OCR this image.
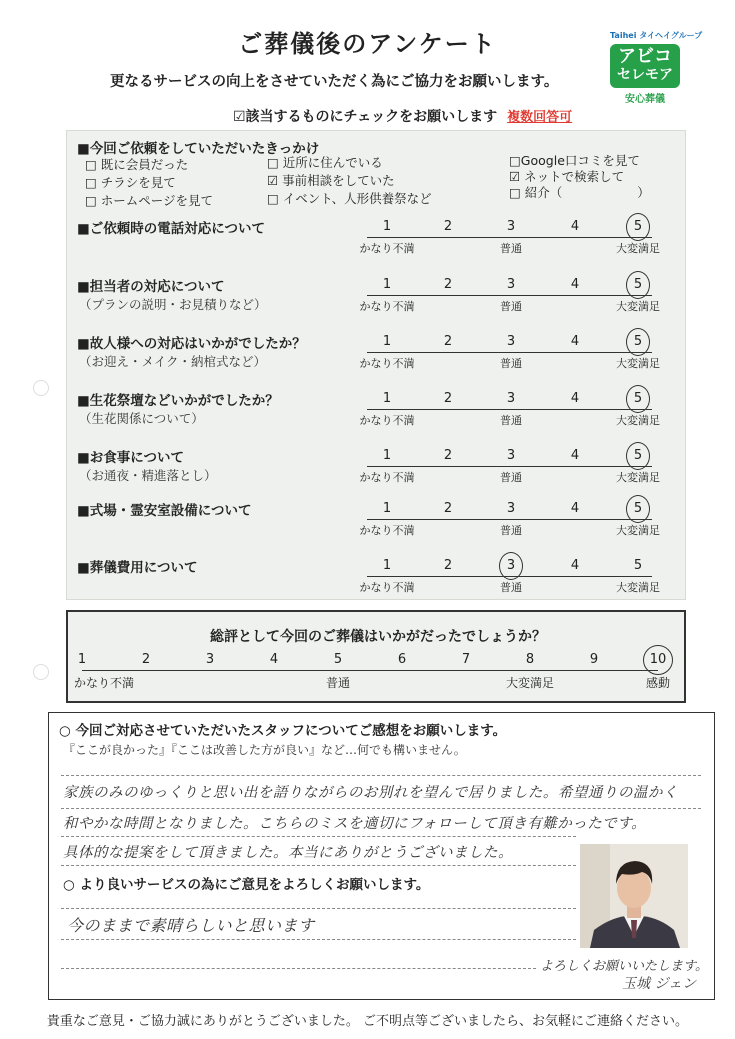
ご葬儀後のアンケート
更なるサービスの向上をさせていただく為にご協力をお願いします。
Taihei タイヘイグループ
アビコ
セレモア
安心葬儀
☑該当するものにチェックをお願いします 複数回答可
■今回ご依頼をしていただいたきっかけ
□ 既に会員だった
□ チラシを見て
□ ホームページを見て
□ 近所に住んでいる
☑ 事前相談をしていた
□ イベント、人形供養祭など
□Google口コミを見て
☑ ネットで検索して
□ 紹介（　　　　　　）
■ご依頼時の電話対応について	1	2	3	4	5
かなり不満	普通	大変満足
■担当者の対応について
（プランの説明・お見積りなど）
1	2	3	4	5
かなり不満	普通	大変満足
■故人様への対応はいかがでしたか？
（お迎え・メイク・納棺式など）
1	2	3	4	5
かなり不満	普通	大変満足
■生花祭壇などいかがでしたか？
（生花関係について）
1	2	3	4	5
かなり不満	普通	大変満足
■お食事について
（お通夜・精進落とし）
1	2	3	4	5
かなり不満	普通	大変満足
■式場・霊安室設備について	1	2	3	4	5
かなり不満	普通	大変満足
■葬儀費用について	1	2	3	4	5
かなり不満	普通	大変満足
総評として今回のご葬儀はいかがだったでしょうか？
1	2	3	4	5	6	7	8	9	10
かなり不満	普通	大変満足	感動
○ 今回ご対応させていただいたスタッフについてご感想をお願いします。
『ここが良かった』『ここは改善した方が良い』など…何でも構いません。
家族のみのゆっくりと思い出を語りながらのお別れを望んで居りました。希望通りの温かく
和やかな時間となりました。こちらのミスを適切にフォローして頂き有難かったです。
具体的な提案をして頂きました。本当にありがとうございました。
○ より良いサービスの為にご意見をよろしくお願いします。
今のままで素晴らしいと思います
よろしくお願いいたします。
玉城 ジェン
貴重なご意見・ご協力誠にありがとうございました。 ご不明点等ございましたら、お気軽にご連絡ください。
